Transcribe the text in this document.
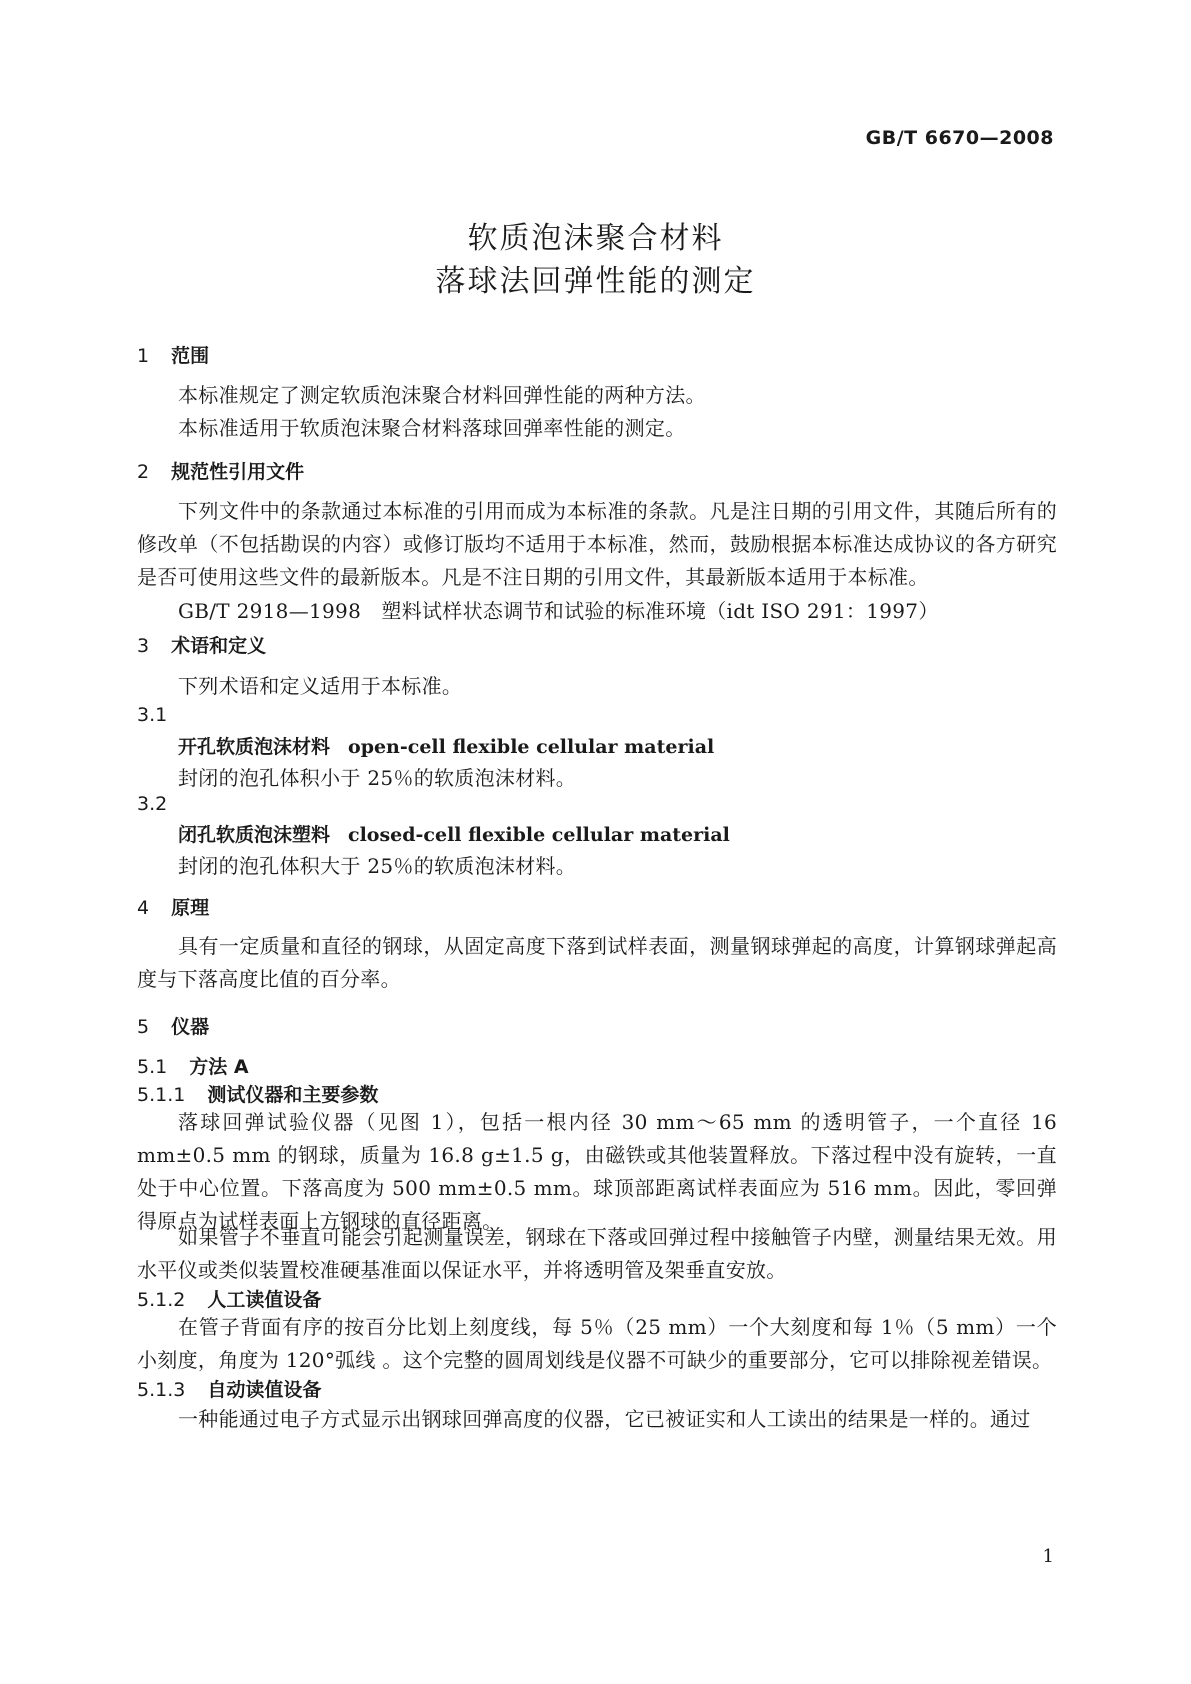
GB/T 6670—2008
软质泡沫聚合材料
落球法回弹性能的测定
1 范围
本标准规定了测定软质泡沫聚合材料回弹性能的两种方法。
本标准适用于软质泡沫聚合材料落球回弹率性能的测定。
2 规范性引用文件
下列文件中的条款通过本标准的引用而成为本标准的条款。凡是注日期的引用文件，其随后所有的修改单（不包括勘误的内容）或修订版均不适用于本标准，然而，鼓励根据本标准达成协议的各方研究是否可使用这些文件的最新版本。凡是不注日期的引用文件，其最新版本适用于本标准。
GB/T 2918—1998　塑料试样状态调节和试验的标准环境（idt ISO 291：1997）
3 术语和定义
下列术语和定义适用于本标准。
3.1
开孔软质泡沫材料 open-cell flexible cellular material
封闭的泡孔体积小于 25％的软质泡沫材料。
3.2
闭孔软质泡沫塑料 closed-cell flexible cellular material
封闭的泡孔体积大于 25％的软质泡沫材料。
4 原理
具有一定质量和直径的钢球，从固定高度下落到试样表面，测量钢球弹起的高度，计算钢球弹起高度与下落高度比值的百分率。
5 仪器
5.1 方法 A
5.1.1 测试仪器和主要参数
落球回弹试验仪器（见图 1），包括一根内径 30 mm～65 mm 的透明管子，一个直径 16 mm±0.5 mm 的钢球，质量为 16.8 g±1.5 g，由磁铁或其他装置释放。下落过程中没有旋转，一直处于中心位置。下落高度为 500 mm±0.5 mm。球顶部距离试样表面应为 516 mm。因此，零回弹得原点为试样表面上方钢球的直径距离。
如果管子不垂直可能会引起测量误差，钢球在下落或回弹过程中接触管子内壁，测量结果无效。用水平仪或类似装置校准硬基准面以保证水平，并将透明管及架垂直安放。
5.1.2 人工读值设备
在管子背面有序的按百分比划上刻度线，每 5％（25 mm）一个大刻度和每 1％（5 mm）一个小刻度，角度为 120°弧线 。这个完整的圆周划线是仪器不可缺少的重要部分，它可以排除视差错误。
5.1.3 自动读值设备
一种能通过电子方式显示出钢球回弹高度的仪器，它已被证实和人工读出的结果是一样的。通过
1
